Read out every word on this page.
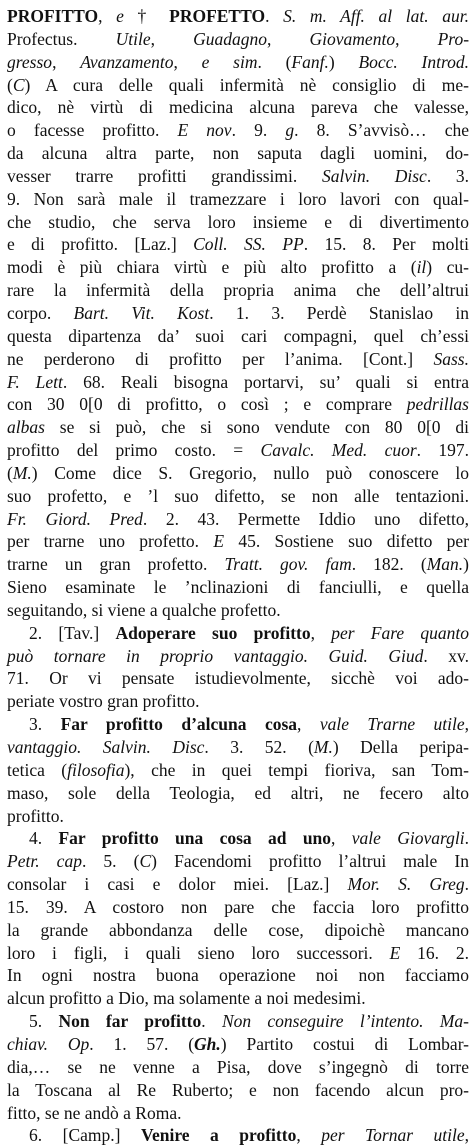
PROFITTO, e † PROFETTO. S. m. Aff. al lat. aur.
Profectus. Utile, Guadagno, Giovamento, Pro-
gresso, Avanzamento, e sim. (Fanf.) Bocc. Introd.
(C) A cura delle quali infermità nè consiglio di me-
dico, nè virtù di medicina alcuna pareva che valesse,
o facesse profitto. E nov. 9. g. 8. S’avvisò… che
da alcuna altra parte, non saputa dagli uomini, do-
vesser trarre profitti grandissimi. Salvin. Disc. 3.
9. Non sarà male il tramezzare i loro lavori con qual-
che studio, che serva loro insieme e di divertimento
e di profitto. [Laz.] Coll. SS. PP. 15. 8. Per molti
modi è più chiara virtù e più alto profitto a (il) cu-
rare la infermità della propria anima che dell’altrui
corpo. Bart. Vit. Kost. 1. 3. Perdè Stanislao in
questa dipartenza da’ suoi cari compagni, quel ch’essi
ne perderono di profitto per l’anima. [Cont.] Sass.
F. Lett. 68. Reali bisogna portarvi, su’ quali si entra
con 30 0[0 di profitto, o così ; e comprare pedrillas
albas se si può, che si sono vendute con 80 0[0 di
profitto del primo costo. = Cavalc. Med. cuor. 197.
(M.) Come dice S. Gregorio, nullo può conoscere lo
suo profetto, e ’l suo difetto, se non alle tentazioni.
Fr. Giord. Pred. 2. 43. Permette Iddio uno difetto,
per trarne uno profetto. E 45. Sostiene suo difetto per
trarne un gran profetto. Tratt. gov. fam. 182. (Man.)
Sieno esaminate le ’nclinazioni di fanciulli, e quella
seguitando, si viene a qualche profetto.
2. [Tav.] Adoperare suo profitto, per Fare quanto
può tornare in proprio vantaggio. Guid. Giud. xv.
71. Or vi pensate istudievolmente, sicchè voi ado-
periate vostro gran profitto.
3. Far profitto d’alcuna cosa, vale Trarne utile,
vantaggio. Salvin. Disc. 3. 52. (M.) Della peripa-
tetica (filosofia), che in quei tempi fioriva, san Tom-
maso, sole della Teologia, ed altri, ne fecero alto
profitto.
4. Far profitto una cosa ad uno, vale Giovargli.
Petr. cap. 5. (C) Facendomi profitto l’altrui male In
consolar i casi e dolor miei. [Laz.] Mor. S. Greg.
15. 39. A costoro non pare che faccia loro profitto
la grande abbondanza delle cose, dipoichè mancano
loro i figli, i quali sieno loro successori. E 16. 2.
In ogni nostra buona operazione noi non facciamo
alcun profitto a Dio, ma solamente a noi medesimi.
5. Non far profitto. Non conseguire l’intento. Ma-
chiav. Op. 1. 57. (Gh.) Partito costui di Lombar-
dia,… se ne venne a Pisa, dove s’ingegnò di torre
la Toscana al Re Ruberto; e non facendo alcun pro-
fitto, se ne andò a Roma.
6. [Camp.] Venire a profitto, per Tornar utile,
